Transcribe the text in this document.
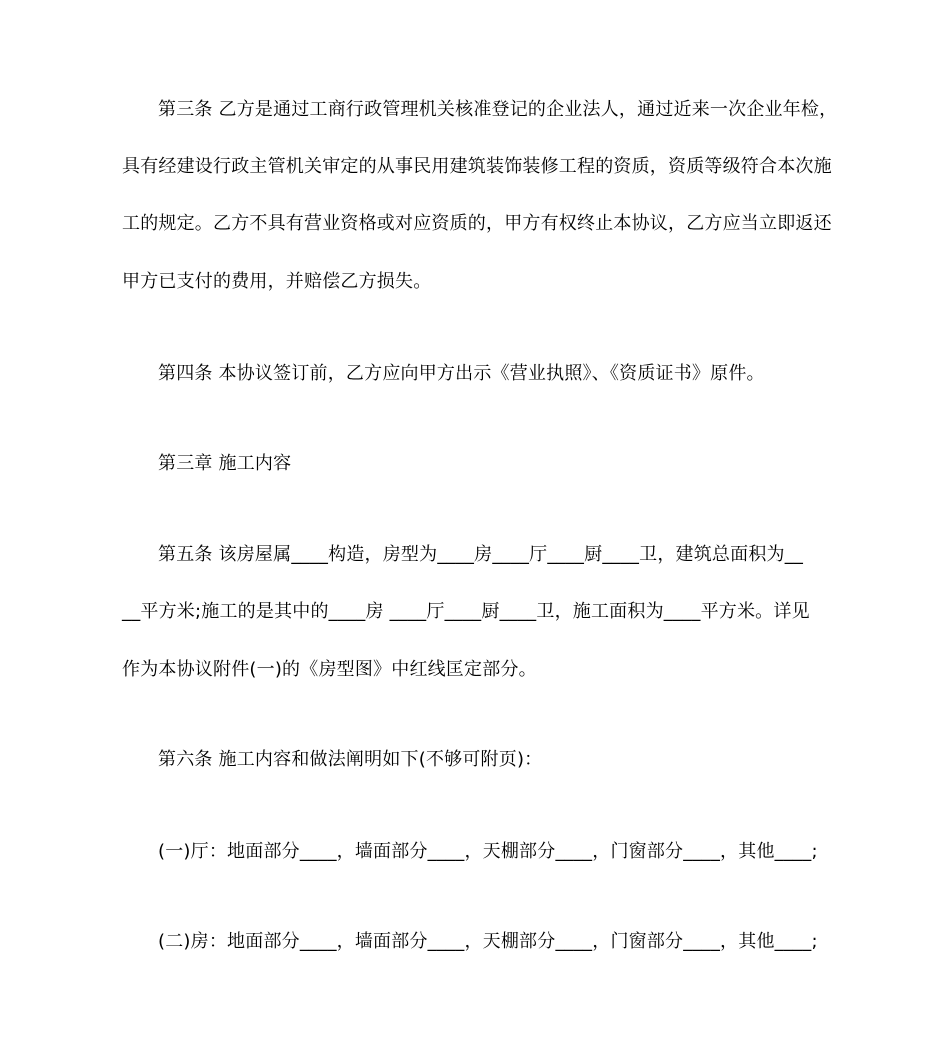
第三条 乙方是通过工商行政管理机关核准登记的企业法人，通过近来一次企业年检，
具有经建设行政主管机关审定的从事民用建筑装饰装修工程的资质，资质等级符合本次施
工的规定。乙方不具有营业资格或对应资质的，甲方有权终止本协议，乙方应当立即返还
甲方已支付的费用，并赔偿乙方损失。
第四条 本协议签订前，乙方应向甲方出示《营业执照》、《资质证书》原件。
第三章 施工内容
第五条 该房屋属____构造，房型为____房____厅____厨____卫，建筑总面积为__
__平方米;施工的是其中的____房 ____厅____厨____卫，施工面积为____平方米。详见
作为本协议附件(一)的《房型图》中红线匡定部分。
第六条 施工内容和做法阐明如下(不够可附页)：
(一)厅：地面部分____，墙面部分____，天棚部分____，门窗部分____，其他____;
(二)房：地面部分____，墙面部分____，天棚部分____，门窗部分____，其他____;
